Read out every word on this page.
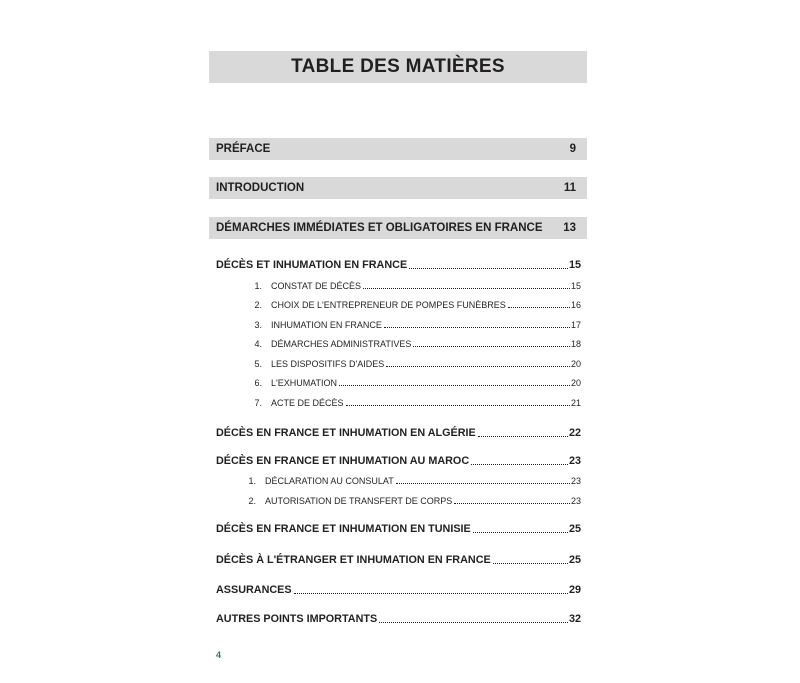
TABLE DES MATIÈRES
PRÉFACE	9
INTRODUCTION	11
DÉMARCHES IMMÉDIATES ET OBLIGATOIRES EN FRANCE 13
DÉCÈS ET INHUMATION EN FRANCE	15
1. CONSTAT DE DÉCÈS	15
2. CHOIX DE L'ENTREPRENEUR DE POMPES FUNÈBRES	16
3. INHUMATION EN FRANCE	17
4. DÉMARCHES ADMINISTRATIVES	18
5. LES DISPOSITIFS D'AIDES	20
6. L'EXHUMATION	20
7. ACTE DE DÉCÈS	21
DÉCÈS EN FRANCE ET INHUMATION EN ALGÉRIE	22
DÉCÈS EN FRANCE ET INHUMATION AU MAROC	23
1. DÉCLARATION AU CONSULAT	23
2. AUTORISATION DE TRANSFERT DE CORPS	23
DÉCÈS EN FRANCE ET INHUMATION EN TUNISIE	25
DÉCÈS À L'ÉTRANGER ET INHUMATION EN FRANCE	25
ASSURANCES	29
AUTRES POINTS IMPORTANTS	32
4
